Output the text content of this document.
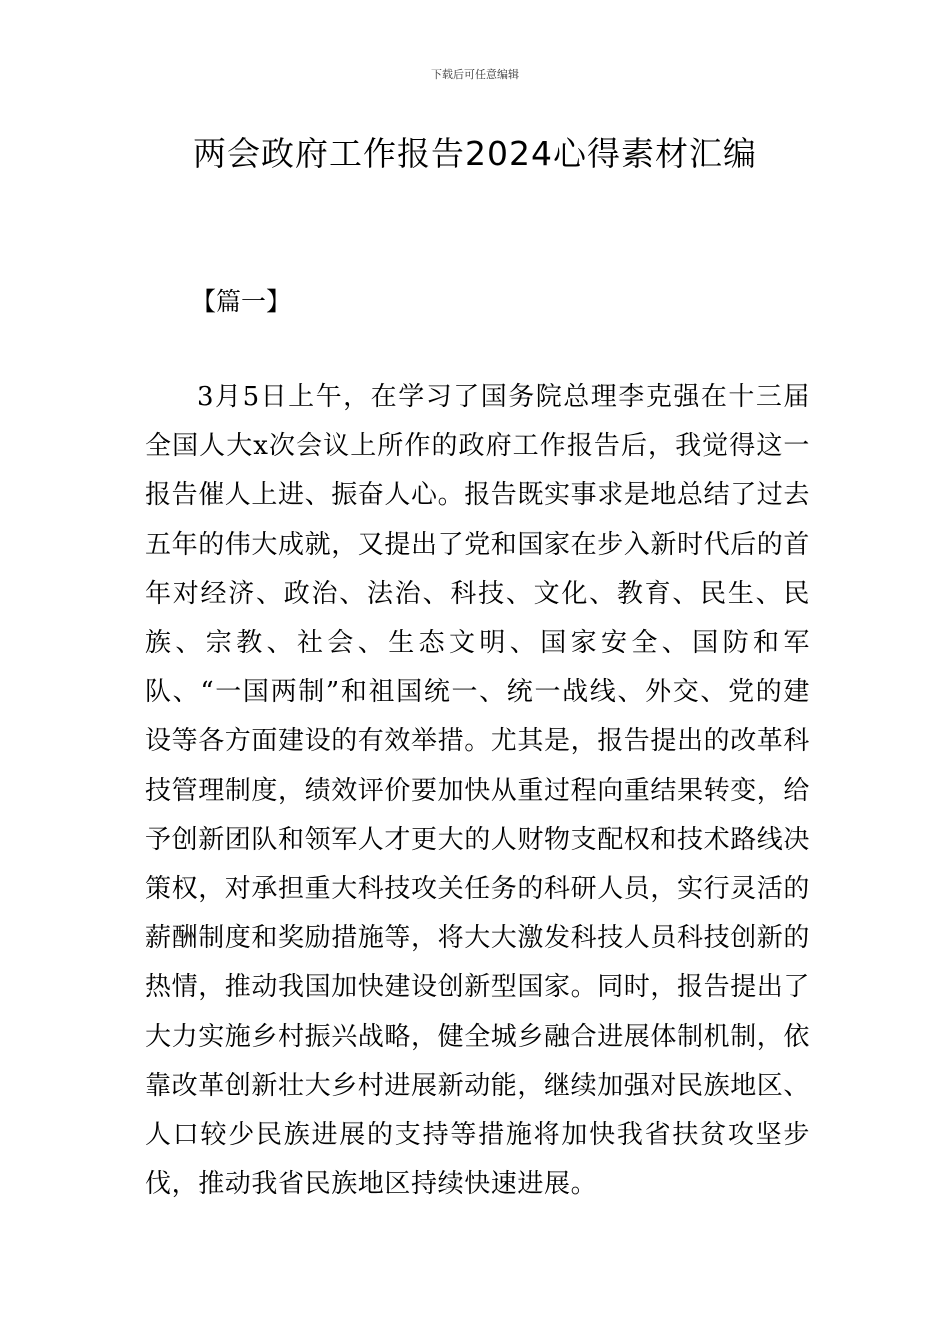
下载后可任意编辑
两会政府工作报告2024心得素材汇编
【篇一】

3月5日上午，在学习了国务院总理李克强在十三届全国人大x次会议上所作的政府工作报告后，我觉得这一报告催人上进、振奋人心。报告既实事求是地总结了过去五年的伟大成就，又提出了党和国家在步入新时代后的首年对经济、政治、法治、科技、文化、教育、民生、民族、宗教、社会、生态文明、国家安全、国防和军队、“一国两制”和祖国统一、统一战线、外交、党的建设等各方面建设的有效举措。尤其是，报告提出的改革科技管理制度，绩效评价要加快从重过程向重结果转变，给予创新团队和领军人才更大的人财物支配权和技术路线决策权，对承担重大科技攻关任务的科研人员，实行灵活的薪酬制度和奖励措施等，将大大激发科技人员科技创新的热情，推动我国加快建设创新型国家。同时，报告提出了大力实施乡村振兴战略，健全城乡融合进展体制机制，依靠改革创新壮大乡村进展新动能，继续加强对民族地区、人口较少民族进展的支持等措施将加快我省扶贫攻坚步伐，推动我省民族地区持续快速进展。
